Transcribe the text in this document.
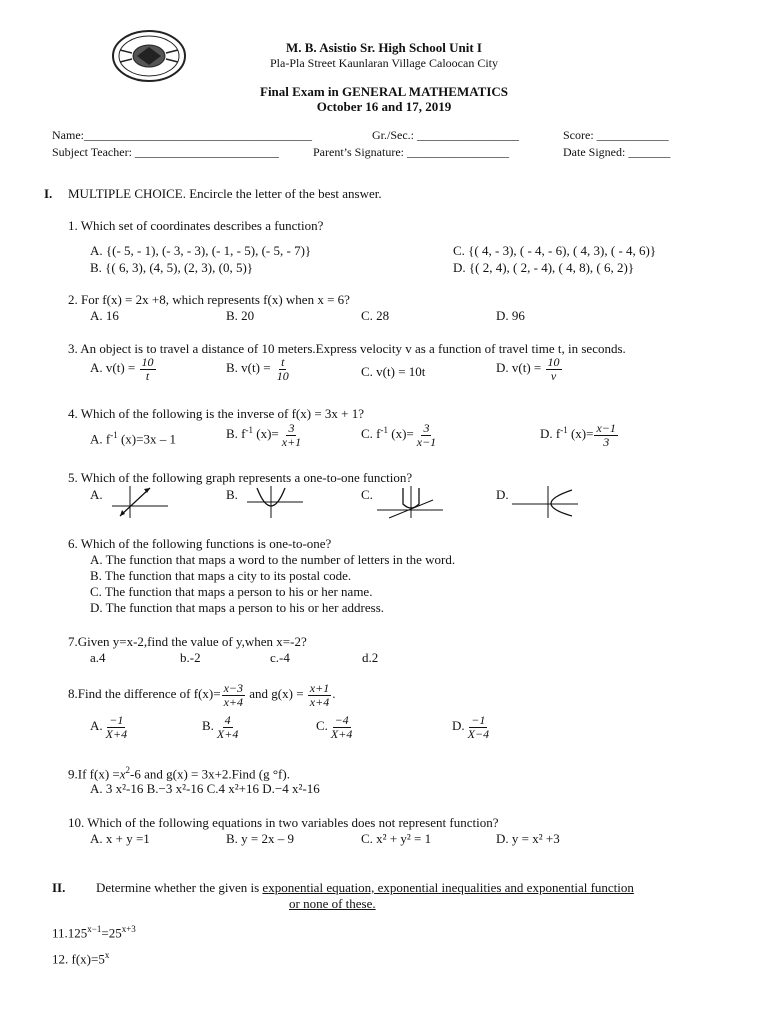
M. B. Asistio Sr. High School Unit I
Pla-Pla Street Kaunlaran Village Caloocan City
Final Exam in GENERAL MATHEMATICS
October 16 and 17, 2019
Name:______________________________________	Gr./Sec.: _________________	Score: ____________
Subject Teacher: ________________________	Parent’s Signature: _________________	Date Signed: _______
I. MULTIPLE CHOICE. Encircle the letter of the best answer.
1. Which set of coordinates describes a function?
A. {(- 5, - 1), (- 3, - 3), (- 1, - 5), (- 5, - 7)}
B. {( 6, 3), (4, 5), (2, 3), (0, 5)}
C. {( 4, - 3), ( - 4, - 6), ( 4, 3), ( - 4, 6)}
D. {( 2, 4), ( 2, - 4), ( 4, 8), ( 6, 2)}
2. For f(x) = 2x +8, which represents f(x) when x = 6?
A. 16	B. 20	C. 28	D. 96
3. An object is to travel a distance of 10 meters.Express velocity v as a function of travel time t, in seconds.
A. $v(t) = \frac{10}{t}$	B. $v(t) = \frac{t}{10}$	C. v(t) = 10t	D. $v(t) = \frac{10}{v}$
4. Which of the following is the inverse of f(x) = 3x + 1?
A. $f^{-1}$ (x)=3x – 1	B. $f^{-1}$ $(x)= \frac{3}{x+1}$	C. $f^{-1}$ $(x)= \frac{3}{x-1}$	D. $f^{-1}$ $(x)= \frac{x-1}{3}$
5. Which of the following graph represents a one-to-one function?
A.	B.	C.	D.
6. Which of the following functions is one-to-one?
A. The function that maps a word to the number of letters in the word.
B. The function that maps a city to its postal code.
C. The function that maps a person to his or her name.
D. The function that maps a person to his or her address.
7.Given y=x-2,find the value of y,when x=-2?
a.4	b.-2	c.-4	d.2
8.Find the difference of $f(x)= \frac{x-3}{x+4}$ and $g(x) = \frac{x+1}{x+4}$ .
A. $\frac{-1}{X+4}$	B. $\frac{4}{X+4}$	C. $\frac{-4}{X+4}$	D. $\frac{-1}{X-4}$
9.If $f(x) =x^2-6$ and g(x) = 3x+2.Find (g °f).
A. 3 x²-16 B.−3 x²-16 C.4 x²+16 D.−4 x²-16
10. Which of the following equations in two variables does not represent function?
A. x + y =1	B. y = 2x – 9	C. x² + y² = 1	D. y = x² +3
II. Determine whether the given is exponential equation, exponential inequalities and exponential function
or none of these.
$11.125^{x-1}=25^{x+3}$
12. $f(x)=5^x$
